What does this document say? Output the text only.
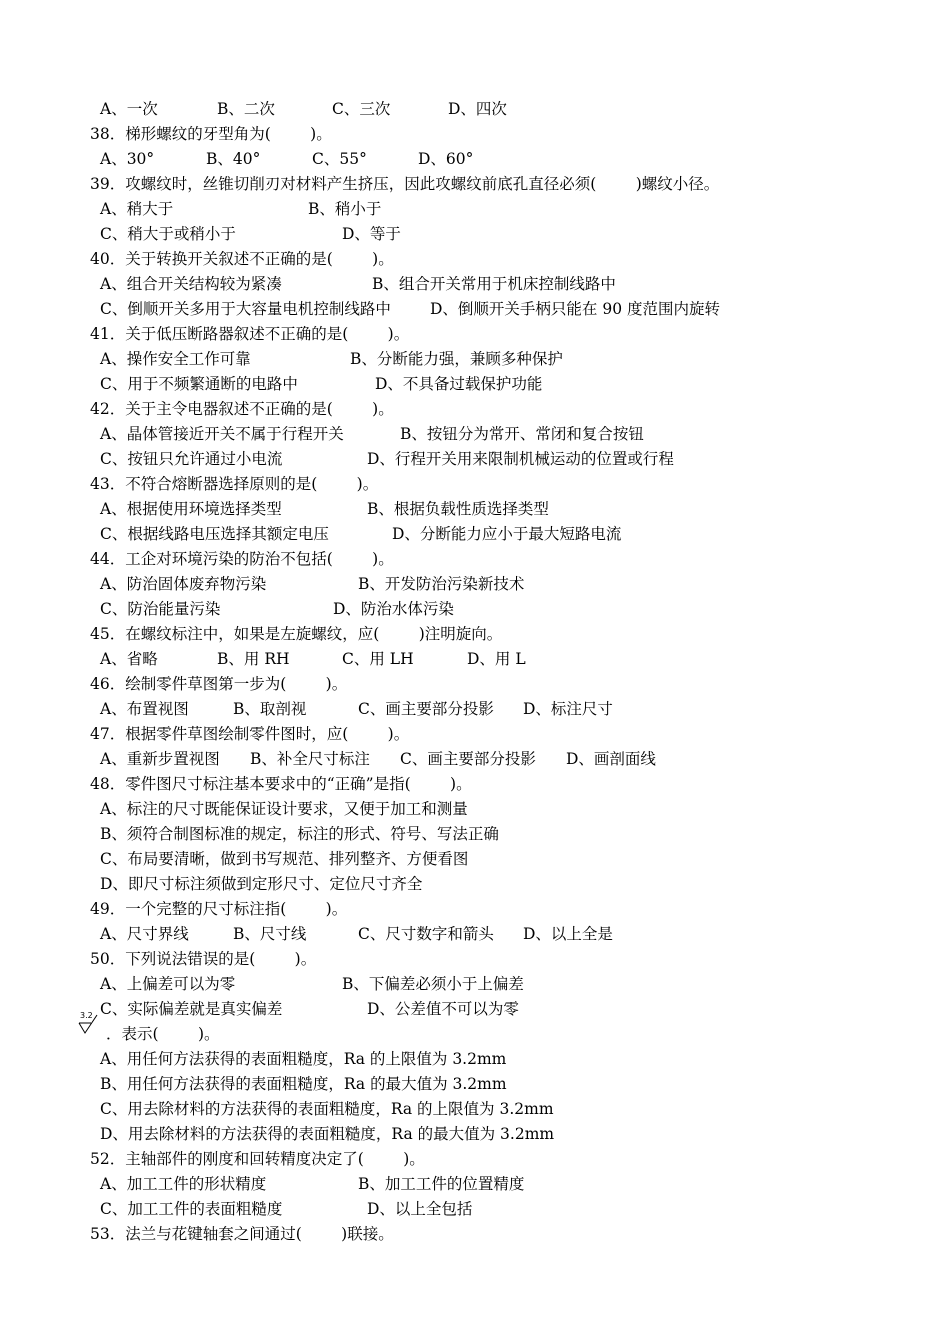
A、一次	B、二次	C、三次	D、四次
38．梯形螺纹的牙型角为(        )。
A、30°	B、40°	C、55°	D、60°
39．攻螺纹时，丝锥切削刃对材料产生挤压，因此攻螺纹前底孔直径必须(        )螺纹小径。
A、稍大于	B、稍小于
C、稍大于或稍小于	D、等于
40．关于转换开关叙述不正确的是(        )。
A、组合开关结构较为紧凑	B、组合开关常用于机床控制线路中
C、倒顺开关多用于大容量电机控制线路中	D、倒顺开关手柄只能在 90 度范围内旋转
41．关于低压断路器叙述不正确的是(        )。
A、操作安全工作可靠	B、分断能力强，兼顾多种保护
C、用于不频繁通断的电路中	D、不具备过载保护功能
42．关于主令电器叙述不正确的是(        )。
A、晶体管接近开关不属于行程开关	B、按钮分为常开、常闭和复合按钮
C、按钮只允许通过小电流	D、行程开关用来限制机械运动的位置或行程
43．不符合熔断器选择原则的是(        )。
A、根据使用环境选择类型	B、根据负载性质选择类型
C、根据线路电压选择其额定电压	D、分断能力应小于最大短路电流
44．工企对环境污染的防治不包括(        )。
A、防治固体废弃物污染	B、开发防治污染新技术
C、防治能量污染	D、防治水体污染
45．在螺纹标注中，如果是左旋螺纹，应(        )注明旋向。
A、省略	B、用 RH	C、用 LH	D、用 L
46．绘制零件草图第一步为(        )。
A、布置视图	B、取剖视	C、画主要部分投影 D、标注尺寸
47．根据零件草图绘制零件图时，应(        )。
A、重新步置视图 B、补全尺寸标注 C、画主要部分投影 D、画剖面线
48．零件图尺寸标注基本要求中的“正确”是指(        )。
A、标注的尺寸既能保证设计要求，又便于加工和测量
B、须符合制图标准的规定，标注的形式、符号、写法正确
C、布局要清晰，做到书写规范、排列整齐、方便看图
D、即尺寸标注须做到定形尺寸、定位尺寸齐全
49．一个完整的尺寸标注指(        )。
A、尺寸界线	B、尺寸线	C、尺寸数字和箭头 D、以上全是
50．下列说法错误的是(        )。
A、上偏差可以为零	B、下偏差必须小于上偏差
C、实际偏差就是真实偏差	D、公差值不可以为零
．表示(        )。
A、用任何方法获得的表面粗糙度，Ra 的上限值为 3.2mm
B、用任何方法获得的表面粗糙度，Ra 的最大值为 3.2mm
C、用去除材料的方法获得的表面粗糙度，Ra 的上限值为 3.2mm
D、用去除材料的方法获得的表面粗糙度，Ra 的最大值为 3.2mm
52．主轴部件的刚度和回转精度决定了(        )。
A、加工工件的形状精度	B、加工工件的位置精度
C、加工工件的表面粗糙度	D、以上全包括
53．法兰与花键轴套之间通过(        )联接。
3.2
